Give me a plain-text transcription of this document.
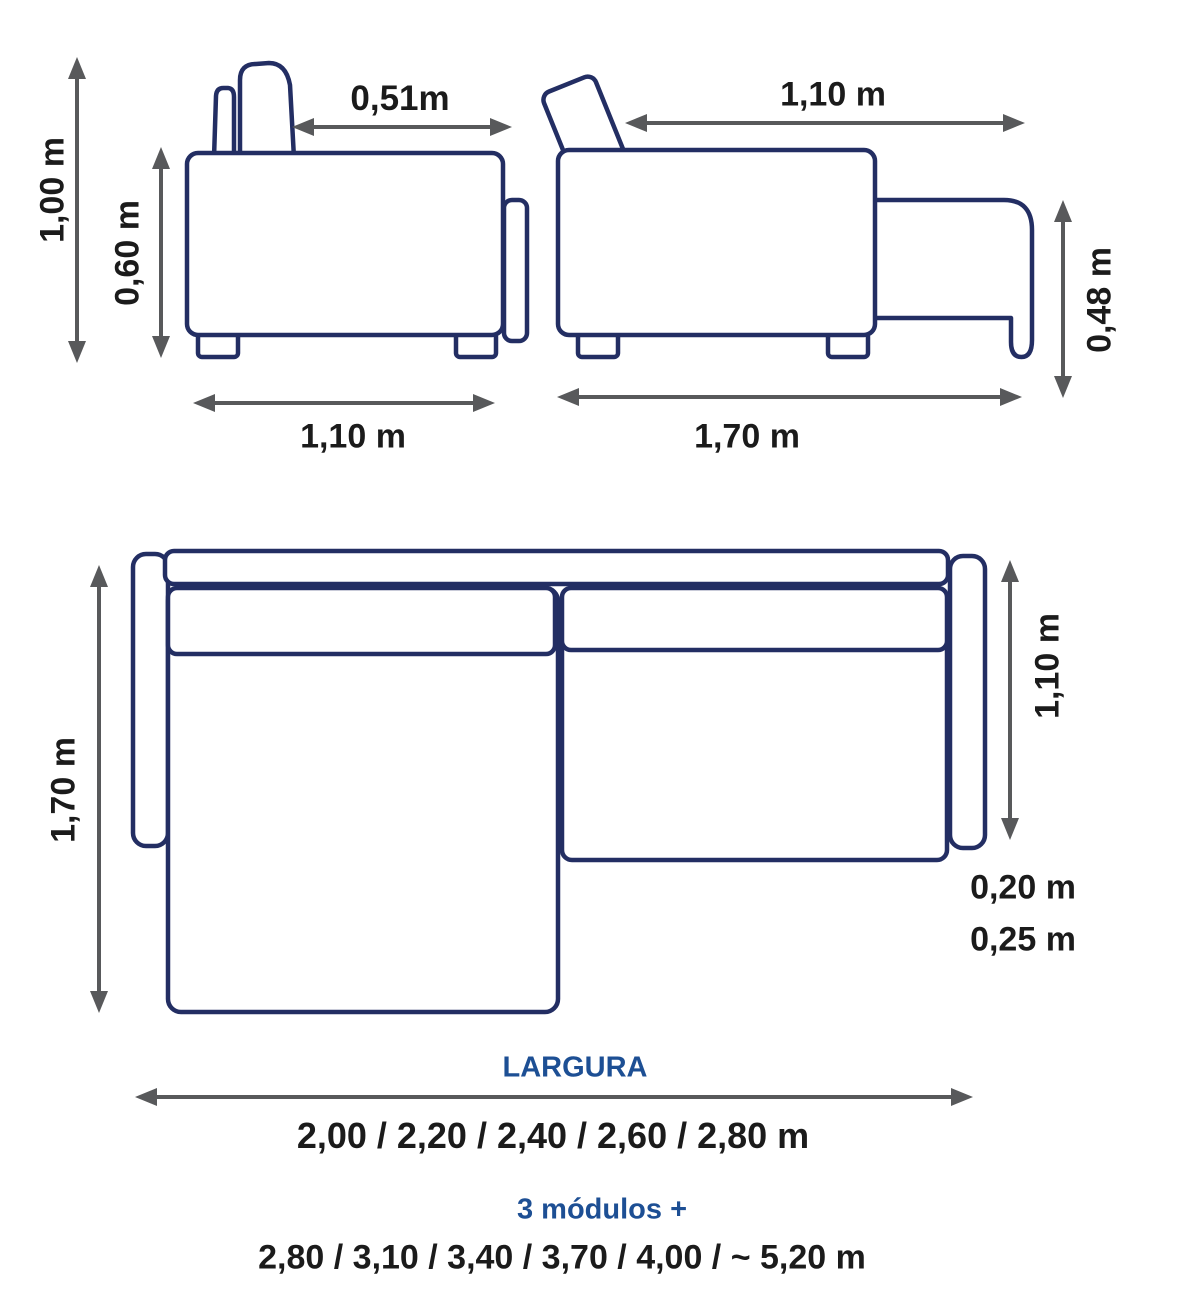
1,00 m
0,60 m
0,51m
1,10 m
1,10 m
0,48 m
1,70 m
1,70 m
1,10 m
0,20 m
0,25 m
LARGURA
2,00 / 2,20 / 2,40 / 2,60 / 2,80 m
3 módulos +
2,80 / 3,10 / 3,40 / 3,70 / 4,00 / ~ 5,20 m
